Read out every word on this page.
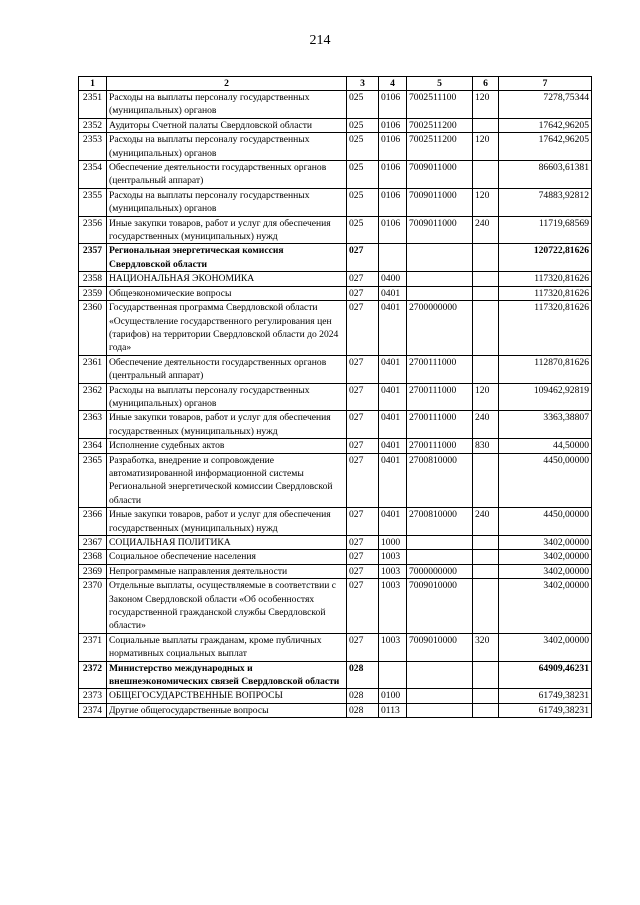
214
1	2	3	4	5	6	7
2351	Расходы на выплаты персоналу государственных (муниципальных) органов	025	0106	7002511100	120	7278,75344
2352	Аудиторы Счетной палаты Свердловской области	025	0106	7002511200		17642,96205
2353	Расходы на выплаты персоналу государственных (муниципальных) органов	025	0106	7002511200	120	17642,96205
2354	Обеспечение деятельности государственных органов (центральный аппарат)	025	0106	7009011000		86603,61381
2355	Расходы на выплаты персоналу государственных (муниципальных) органов	025	0106	7009011000	120	74883,92812
2356	Иные закупки товаров, работ и услуг для обеспечения государственных (муниципальных) нужд	025	0106	7009011000	240	11719,68569
2357	Региональная энергетическая комиссия Свердловской области	027				120722,81626
2358	НАЦИОНАЛЬНАЯ ЭКОНОМИКА	027	0400			117320,81626
2359	Общеэкономические вопросы	027	0401			117320,81626
2360	Государственная программа Свердловской области «Осуществление государственного регулирования цен (тарифов) на территории Свердловской области до 2024 года»	027	0401	2700000000		117320,81626
2361	Обеспечение деятельности государственных органов (центральный аппарат)	027	0401	2700111000		112870,81626
2362	Расходы на выплаты персоналу государственных (муниципальных) органов	027	0401	2700111000	120	109462,92819
2363	Иные закупки товаров, работ и услуг для обеспечения государственных (муниципальных) нужд	027	0401	2700111000	240	3363,38807
2364	Исполнение судебных актов	027	0401	2700111000	830	44,50000
2365	Разработка, внедрение и сопровождение автоматизированной информационной системы Региональной энергетической комиссии Свердловской области	027	0401	2700810000		4450,00000
2366	Иные закупки товаров, работ и услуг для обеспечения государственных (муниципальных) нужд	027	0401	2700810000	240	4450,00000
2367	СОЦИАЛЬНАЯ ПОЛИТИКА	027	1000			3402,00000
2368	Социальное обеспечение населения	027	1003			3402,00000
2369	Непрограммные направления деятельности	027	1003	7000000000		3402,00000
2370	Отдельные выплаты, осуществляемые в соответствии с Законом Свердловской области «Об особенностях государственной гражданской службы Свердловской области»	027	1003	7009010000		3402,00000
2371	Социальные выплаты гражданам, кроме публичных нормативных социальных выплат	027	1003	7009010000	320	3402,00000
2372	Министерство международных и внешнеэкономических связей Свердловской области	028				64909,46231
2373	ОБЩЕГОСУДАРСТВЕННЫЕ ВОПРОСЫ	028	0100			61749,38231
2374	Другие общегосударственные вопросы	028	0113			61749,38231
